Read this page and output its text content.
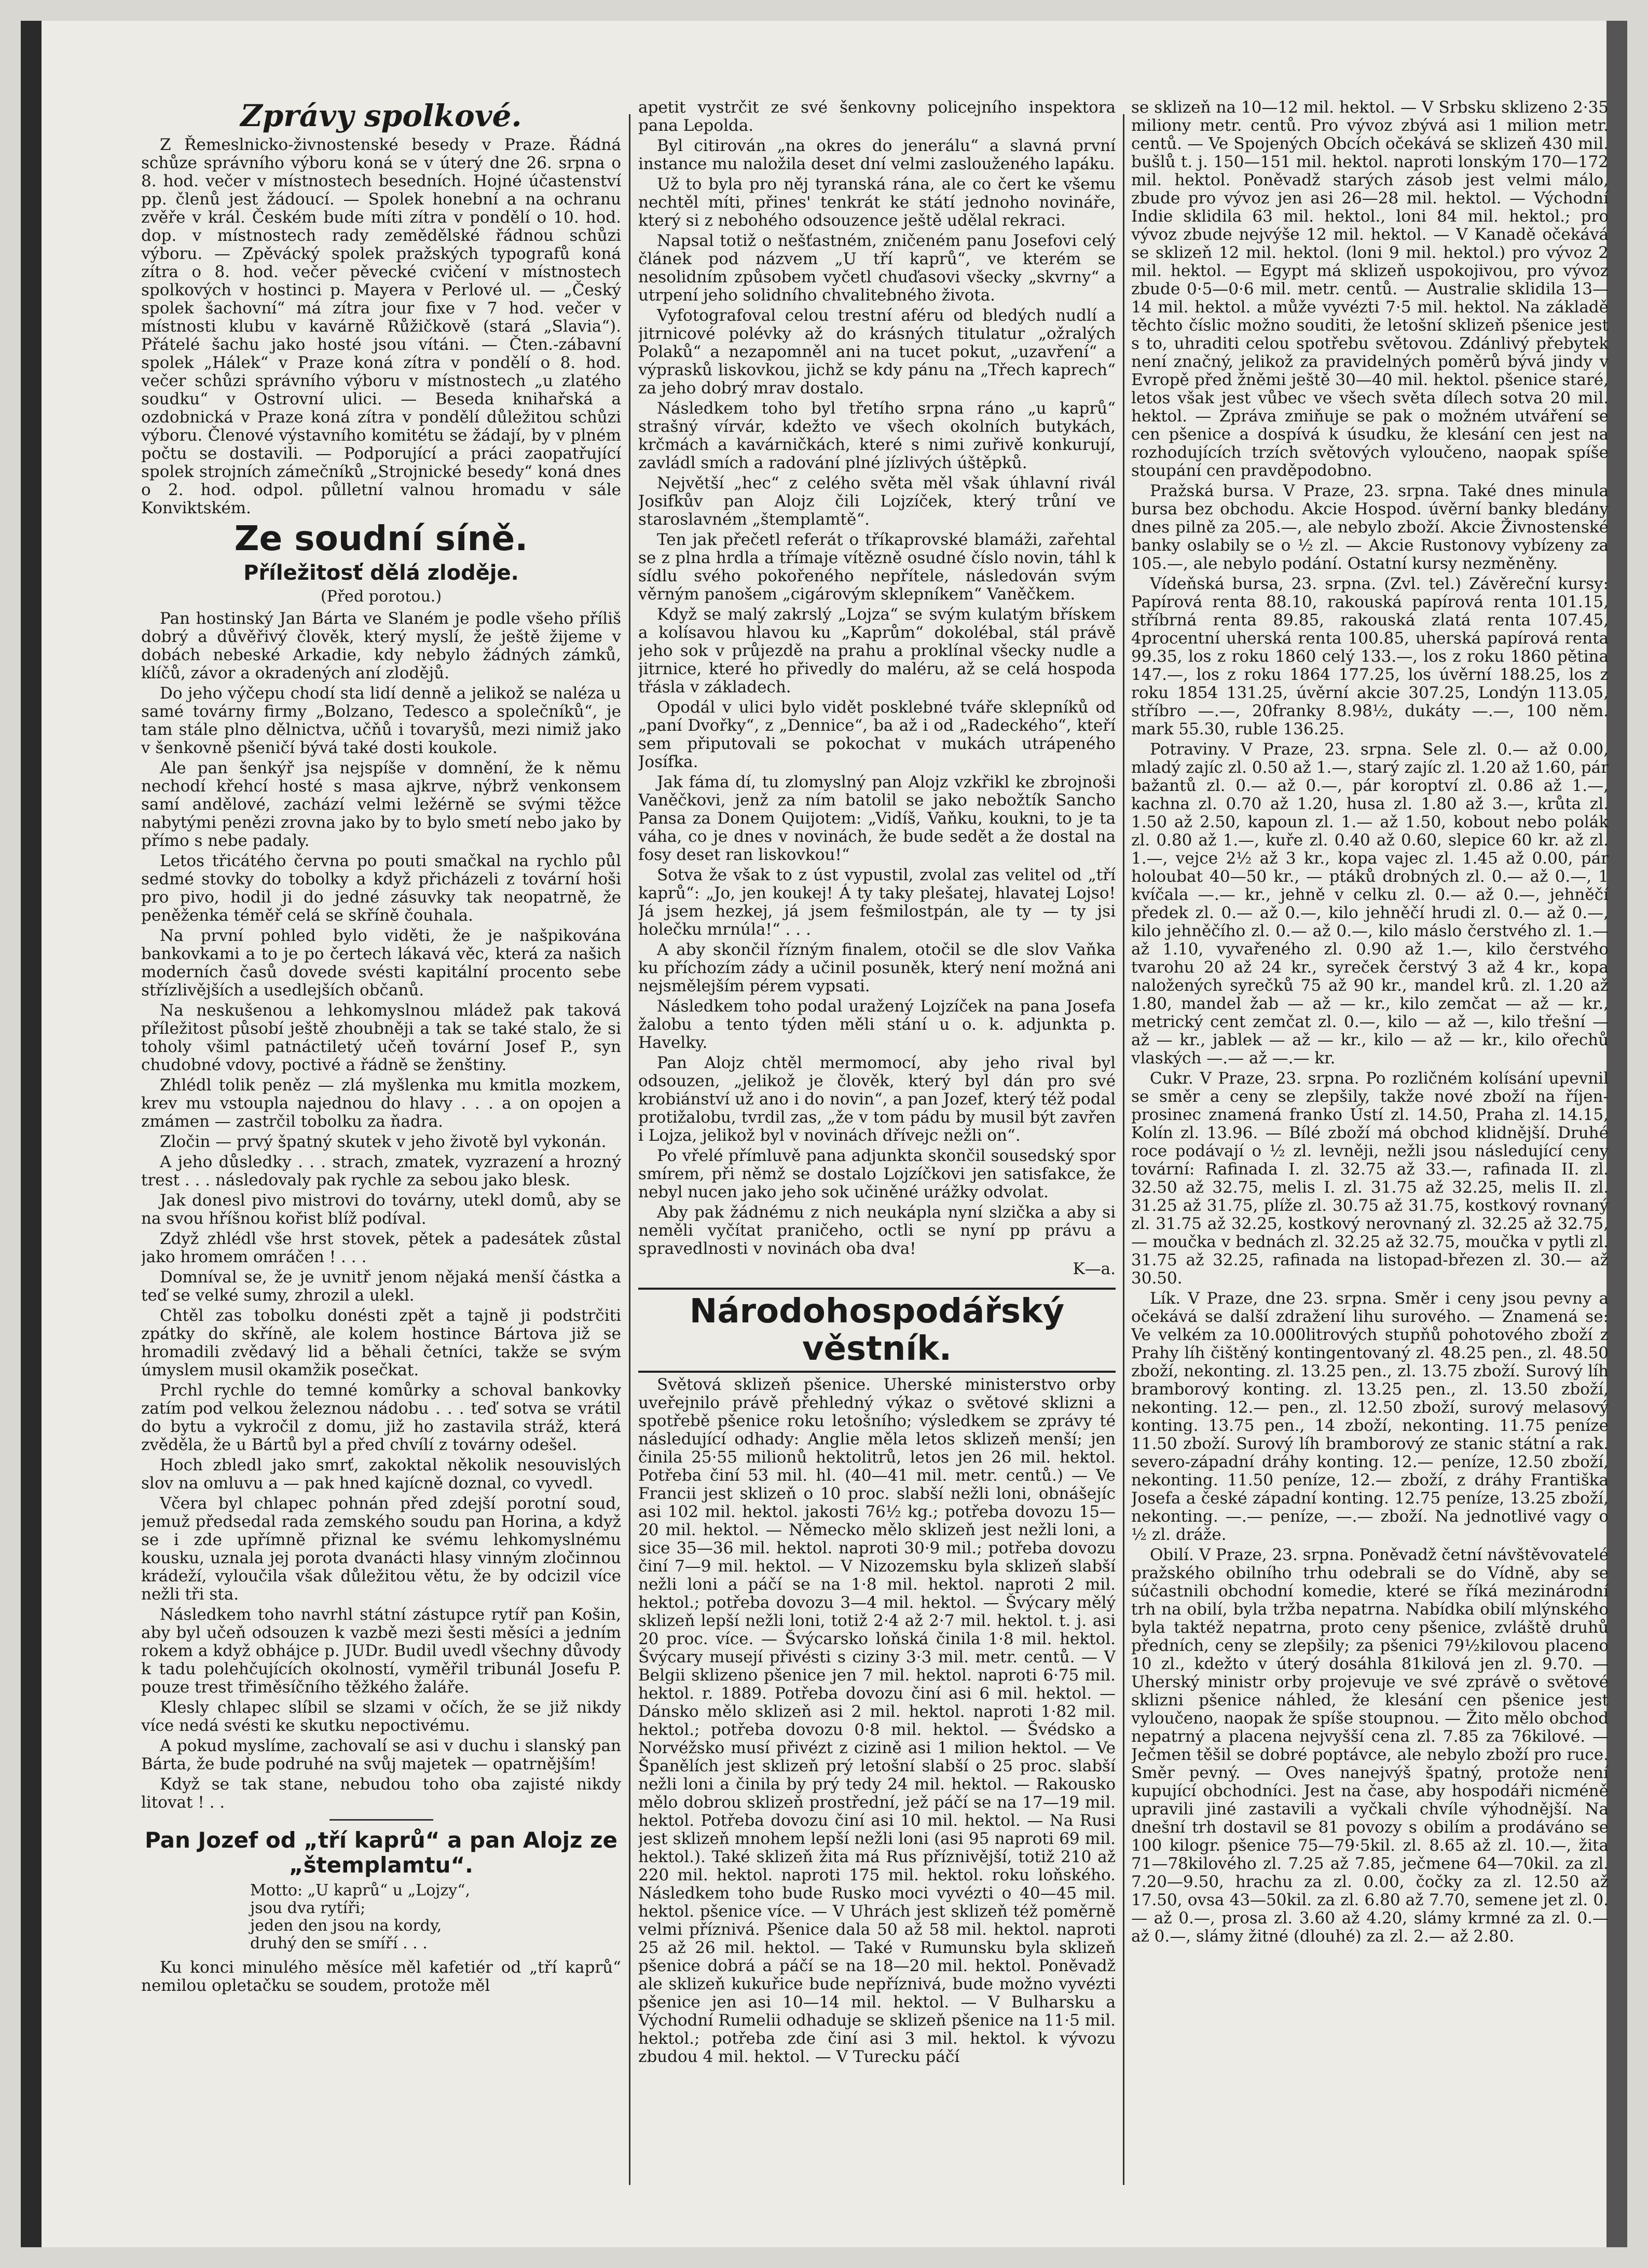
Zprávy spolkové.

Z Řemeslnicko-živnostenské besedy v Praze. Řádná schůze správního výboru koná se v úterý dne 26. srpna o 8. hod. večer v místnostech besedních. Hojné účastenství pp. členů jest žádoucí. — Spolek honební a na ochranu zvěře v král. Českém bude míti zítra v pondělí o 10. hod. dop. v místnostech rady zemědělské řádnou schůzi výboru. — Zpěvácký spolek pražských typografů koná zítra o 8. hod. večer pěvecké cvičení v místnostech spolkových v hostinci p. Mayera v Perlové ul. — „Český spolek šachovní“ má zítra jour fixe v 7 hod. večer v místnosti klubu v kavárně Růžičkově (stará „Slavia“). Přátelé šachu jako hosté jsou vítáni. — Čten.-zábavní spolek „Hálek“ v Praze koná zítra v pondělí o 8. hod. večer schůzi správního výboru v místnostech „u zlatého soudku“ v Ostrovní ulici. — Beseda knihařská a ozdobnická v Praze koná zítra v pondělí důležitou schůzi výboru. Členové výstavního komitétu se žádají, by v plném počtu se dostavili. — Podporující a práci zaopatřující spolek strojních zámečníků „Strojnické besedy“ koná dnes o 2. hod. odpol. půlletní valnou hromadu v sále Konviktském.

Ze soudní síně.
Příležitosť dělá zloděje.
(Před porotou.)

Pan hostinský Jan Bárta ve Slaném je podle všeho příliš dobrý a důvěřivý člověk, který myslí, že ještě žijeme v dobách nebeské Arkadie, kdy nebylo žádných zámků, klíčů, závor a okradených aní zlodějů.

Do jeho výčepu chodí sta lidí denně a jelikož se naléza u samé továrny firmy „Bolzano, Tedesco a společníků“, je tam stále plno dělnictva, učňů i tovaryšů, mezi nimiž jako v šenkovně pšeničí bývá také dosti koukole.

Ale pan šenkýř jsa nejspíše v domnění, že k němu nechodí křehcí hosté s masa ajkrve, nýbrž venkonsem samí andělové, zachází velmi ležérně se svými těžce nabytými penězi zrovna jako by to bylo smetí nebo jako by přímo s nebe padaly.

Letos třicátého června po pouti smačkal na rychlo půl sedmé stovky do tobolky a když přicházeli z tovární hoši pro pivo, hodil ji do jedné zásuvky tak neopatrně, že peněženka téměř celá se skříně čouhala.

Na první pohled bylo viděti, že je našpikována bankovkami a to je po čertech lákavá věc, která za našich moderních časů dovede svésti kapitální procento sebe střízlivějších a usedlejších občanů.

Na neskušenou a lehkomyslnou mládež pak taková příležitost působí ještě zhoubněji a tak se také stalo, že si toholy všiml patnáctiletý učeň tovární Josef P., syn chudobné vdovy, poctivé a řádně se ženštiny.

Zhlédl tolik peněz — zlá myšlenka mu kmitla mozkem, krev mu vstoupla najednou do hlavy . . . a on opojen a zmámen — zastrčil tobolku za ňadra.

Zločin — prvý špatný skutek v jeho životě byl vykonán.

A jeho důsledky . . . strach, zmatek, vyzrazení a hrozný trest . . . následovaly pak rychle za sebou jako blesk.

Jak donesl pivo mistrovi do továrny, utekl domů, aby se na svou hříšnou kořist blíž podíval.

Zdyž zhlédl vše hrst stovek, pětek a padesátek zůstal jako hromem omráčen ! . . .

Domníval se, že je uvnitř jenom nějaká menší částka a teď se velké sumy, zhrozil a ulekl.

Chtěl zas tobolku donésti zpět a tajně ji podstrčiti zpátky do skříně, ale kolem hostince Bártova již se hromadili zvědavý lid a běhali četníci, takže se svým úmyslem musil okamžik posečkat.

Prchl rychle do temné komůrky a schoval bankovky zatím pod velkou železnou nádobu . . . teď sotva se vrátil do bytu a vykročil z domu, již ho zastavila stráž, která zvěděla, že u Bártů byl a před chvílí z továrny odešel.

Hoch zbledl jako smrť, zakoktal několik nesouvislých slov na omluvu a — pak hned kajícně doznal, co vyvedl.

Včera byl chlapec pohnán před zdejší porotní soud, jemuž předsedal rada zemského soudu pan Horina, a když se i zde upřímně přiznal ke svému lehkomyslnému kousku, uznala jej porota dvanácti hlasy vinným zločinnou krádeží, vyloučila však důležitou větu, že by odcizil více nežli tři sta.

Následkem toho navrhl státní zástupce rytíř pan Košin, aby byl učeň odsouzen k vazbě mezi šesti měsíci a jedním rokem a když obhájce p. JUDr. Budil uvedl všechny důvody k tadu polehčujících okolností, vyměřil tribunál Josefu P. pouze trest třiměsíčního těžkého žaláře.

Klesly chlapec slíbil se slzami v očích, že se již nikdy více nedá svésti ke skutku nepoctivému.

A pokud myslíme, zachovalí se asi v duchu i slanský pan Bárta, že bude podruhé na svůj majetek — opatrnějším!

Když se tak stane, nebudou toho oba zajisté nikdy litovat ! . .

Pan Jozef od „tří kaprů“ a pan Alojz ze „štemplamtu“.

Motto: „U kaprů“ u „Lojzy“,
jsou dva rytíři;
jeden den jsou na kordy,
druhý den se smíří . . .

Ku konci minulého měsíce měl kafetiér od „tří kaprů“ nemilou opletačku se soudem, protože měl

apetit vystrčit ze své šenkovny policejního inspektora pana Lepolda.

Byl citirován „na okres do jenerálu“ a slavná první instance mu naložila deset dní velmi zaslouženého lapáku.

Už to byla pro něj tyranská rána, ale co čert ke všemu nechtěl míti, přines' tenkrát ke státí jednoho novináře, který si z nebohého odsouzence ještě udělal rekraci.

Napsal totiž o nešťastném, zničeném panu Josefovi celý článek pod názvem „U tří kaprů“, ve kterém se nesolidním způsobem vyčetl chuďasovi všecky „skvrny“ a utrpení jeho solidního chvalitebného života.

Vyfotografoval celou trestní aféru od bledých nudlí a jitrnicové polévky až do krásných titulatur „ožralých Polaků“ a nezapomněl ani na tucet pokut, „uzavření“ a výprasků liskovkou, jichž se kdy pánu na „Třech kaprech“ za jeho dobrý mrav dostalo.

Následkem toho byl třetího srpna ráno „u kaprů“ strašný vírvár, kdežto ve všech okolních butykách, krčmách a kavárničkách, které s nimi zuřivě konkurují, zavládl smích a radování plné jízlivých úštěpků.

Největší „hec“ z celého světa měl však úhlavní rivál Josifkův pan Alojz čili Lojzíček, který trůní ve staroslavném „štemplamtě“.

Ten jak přečetl referát o tříkaprovské blamáži, zařehtal se z plna hrdla a třímaje vítězně osudné číslo novin, táhl k sídlu svého pokořeného nepřítele, následován svým věrným panošem „cigárovým sklepníkem“ Vaněčkem.

Když se malý zakrslý „Lojza“ se svým kulatým břískem a kolísavou hlavou ku „Kaprům“ dokolébal, stál právě jeho sok v průjezdě na prahu a proklínal všecky nudle a jitrnice, které ho přivedly do maléru, až se celá hospoda třásla v základech.

Opodál v ulici bylo vidět posklebné tváře sklepníků od „paní Dvořky“, z „Dennice“, ba až i od „Radeckého“, kteří sem připutovali se pokochat v mukách utrápeného Josífka.

Jak fáma dí, tu zlomyslný pan Alojz vzkřikl ke zbrojnoši Vaněčkovi, jenž za ním batolil se jako nebožtík Sancho Pansa za Donem Quijotem: „Vidíš, Vaňku, koukni, to je ta váha, co je dnes v novinách, že bude sedět a že dostal na fosy deset ran liskovkou!“

Sotva že však to z úst vypustil, zvolal zas velitel od „tří kaprů“: „Jo, jen koukej! Á ty taky plešatej, hlavatej Lojso! Já jsem hezkej, já jsem fešmilostpán, ale ty — ty jsi holečku mrnúla!“ . . .

A aby skončil řízným finalem, otočil se dle slov Vaňka ku příchozím zády a učinil posuněk, který není možná ani nejsmělejším pérem vypsati.

Následkem toho podal uražený Lojzíček na pana Josefa žalobu a tento týden měli stání u o. k. adjunkta p. Havelky.

Pan Alojz chtěl mermomocí, aby jeho rival byl odsouzen, „jelikož je člověk, který byl dán pro své krobiánství už ano i do novin“, a pan Jozef, který též podal protižalobu, tvrdil zas, „že v tom pádu by musil být zavřen i Lojza, jelikož byl v novinách dřívejc nežli on“.

Po vřelé přímluvě pana adjunkta skončil sousedský spor smírem, při němž se dostalo Lojzíčkovi jen satisfakce, že nebyl nucen jako jeho sok učiněné urážky odvolat.

Aby pak žádnému z nich neukápla nyní slzička a aby si neměli vyčítat praničeho, octli se nyní pp právu a spravedlnosti v novinách oba dva!

K—a.

Národohospodářský věstník.

Světová sklizeň pšenice. Uherské ministerstvo orby uveřejnilo právě přehledný výkaz o světové sklizni a spotřebě pšenice roku letošního; výsledkem se zprávy té následující odhady: Anglie měla letos sklizeň menší; jen činila 25·55 milionů hektolitrů, letos jen 26 mil. hektol. Potřeba činí 53 mil. hl. (40—41 mil. metr. centů.) — Ve Francii jest sklizeň o 10 proc. slabší nežli loni, obnášejíc asi 102 mil. hektol. jakosti 76½ kg.; potřeba dovozu 15—20 mil. hektol. — Německo mělo sklizeň jest nežli loni, a sice 35—36 mil. hektol. naproti 30·9 mil.; potřeba dovozu činí 7—9 mil. hektol. — V Nizozemsku byla sklizeň slabší nežli loni a páčí se na 1·8 mil. hektol. naproti 2 mil. hektol.; potřeba dovozu 3—4 mil. hektol. — Švýcary mělý sklizeň lepší nežli loni, totiž 2·4 až 2·7 mil. hektol. t. j. asi 20 proc. více. — Švýcarsko loňská činila 1·8 mil. hektol. Švýcary musejí přivésti s ciziny 3·3 mil. metr. centů. — V Belgii sklizeno pšenice jen 7 mil. hektol. naproti 6·75 mil. hektol. r. 1889. Potřeba dovozu činí asi 6 mil. hektol. — Dánsko mělo sklizeň asi 2 mil. hektol. naproti 1·82 mil. hektol.; potřeba dovozu 0·8 mil. hektol. — Švédsko a Norvéžsko musí přivézt z cizině asi 1 milion hektol. — Ve Španělích jest sklizeň prý letošní slabší o 25 proc. slabší nežli loni a činila by prý tedy 24 mil. hektol. — Rakousko mělo dobrou sklizeň prostřední, jež páčí se na 17—19 mil. hektol. Potřeba dovozu činí asi 10 mil. hektol. — Na Rusi jest sklizeň mnohem lepší nežli loni (asi 95 naproti 69 mil. hektol.). Také sklizeň žita má Rus příznivější, totiž 210 až 220 mil. hektol. naproti 175 mil. hektol. roku loňského. Následkem toho bude Rusko moci vyvézti o 40—45 mil. hektol. pšenice více. — V Uhrách jest sklizeň též poměrně velmi příznivá. Pšenice dala 50 až 58 mil. hektol. naproti 25 až 26 mil. hektol. — Také v Rumunsku byla sklizeň pšenice dobrá a páčí se na 18—20 mil. hektol. Poněvadž ale sklizeň kukuřice bude nepříznivá, bude možno vyvézti pšenice jen asi 10—14 mil. hektol. — V Bulharsku a Východní Rumelii odhaduje se sklizeň pšenice na 11·5 mil. hektol.; potřeba zde činí asi 3 mil. hektol. k vývozu zbudou 4 mil. hektol. — V Turecku páčí

se sklizeň na 10—12 mil. hektol. — V Srbsku sklizeno 2·35 miliony metr. centů. Pro vývoz zbývá asi 1 milion metr. centů. — Ve Spojených Obcích očekává se sklizeň 430 mil. bušlů t. j. 150—151 mil. hektol. naproti lonským 170—172 mil. hektol. Poněvadž starých zásob jest velmi málo, zbude pro vývoz jen asi 26—28 mil. hektol. — Východní Indie sklidila 63 mil. hektol., loni 84 mil. hektol.; pro vývoz zbude nejvýše 12 mil. hektol. — V Kanadě očekává se sklizeň 12 mil. hektol. (loni 9 mil. hektol.) pro vývoz 2 mil. hektol. — Egypt má sklizeň uspokojivou, pro vývoz zbude 0·5—0·6 mil. metr. centů. — Australie sklidila 13—14 mil. hektol. a může vyvézti 7·5 mil. hektol. Na základě těchto číslic možno souditi, že letošní sklizeň pšenice jest s to, uhraditi celou spotřebu světovou. Zdánlivý přebytek není značný, jelikož za pravidelných poměrů bývá jindy v Evropě před žněmi ještě 30—40 mil. hektol. pšenice staré, letos však jest vůbec ve všech světa dílech sotva 20 mil. hektol. — Zpráva zmiňuje se pak o možném utváření se cen pšenice a dospívá k úsudku, že klesání cen jest na rozhodujících trzích světových vyloučeno, naopak spíše stoupání cen pravděpodobno.

Pražská bursa. V Praze, 23. srpna. Také dnes minula bursa bez obchodu. Akcie Hospod. úvěrní banky bledány dnes pilně za 205.—, ale nebylo zboží. Akcie Živnostenské banky oslabily se o ½ zl. — Akcie Rustonovy vybízeny za 105.—, ale nebylo podání. Ostatní kursy nezměněny.

Vídeňská bursa, 23. srpna. (Zvl. tel.) Závěreční kursy: Papírová renta 88.10, rakouská papírová renta 101.15, stříbrná renta 89.85, rakouská zlatá renta 107.45, 4procentní uherská renta 100.85, uherská papírová renta 99.35, los z roku 1860 celý 133.—, los z roku 1860 pětina 147.—, los z roku 1864 177.25, los úvěrní 188.25, los z roku 1854 131.25, úvěrní akcie 307.25, Londýn 113.05, stříbro —.—, 20franky 8.98½, dukáty —.—, 100 něm. mark 55.30, ruble 136.25.

Potraviny. V Praze, 23. srpna. Sele zl. 0.— až 0.00, mladý zajíc zl. 0.50 až 1.—, starý zajíc zl. 1.20 až 1.60, pár bažantů zl. 0.— až 0.—, pár koroptví zl. 0.86 až 1.—, kachna zl. 0.70 až 1.20, husa zl. 1.80 až 3.—, krůta zl. 1.50 až 2.50, kapoun zl. 1.— až 1.50, kobout nebo polák zl. 0.80 až 1.—, kuře zl. 0.40 až 0.60, slepice 60 kr. až zl. 1.—, vejce 2½ až 3 kr., kopa vajec zl. 1.45 až 0.00, pár holoubat 40—50 kr., — ptáků drobných zl. 0.— až 0.—, 1 kvíčala —.— kr., jehně v celku zl. 0.— až 0.—, jehněčí předek zl. 0.— až 0.—, kilo jehněčí hrudi zl. 0.— až 0.—, kilo jehněčího zl. 0.— až 0.—, kilo máslo čerstvého zl. 1.— až 1.10, vyvařeného zl. 0.90 až 1.—, kilo čerstvého tvarohu 20 až 24 kr., syreček čerstvý 3 až 4 kr., kopa naložených syrečků 75 až 90 kr., mandel krů. zl. 1.20 až 1.80, mandel žab — až — kr., kilo zemčat — až — kr., metrický cent zemčat zl. 0.—, kilo — až —, kilo třešní — až — kr., jablek — až — kr., kilo — až — kr., kilo ořechů vlaských —.— až —.— kr.

Cukr. V Praze, 23. srpna. Po rozličném kolísání upevnil se směr a ceny se zlepšily, takže nové zboží na říjen-prosinec znamená franko Ústí zl. 14.50, Praha zl. 14.15, Kolín zl. 13.96. — Bílé zboží má obchod klidnější. Druhé roce podávají o ½ zl. levněji, nežli jsou následující ceny tovární: Rafinada I. zl. 32.75 až 33.—, rafinada II. zl. 32.50 až 32.75, melis I. zl. 31.75 až 32.25, melis II. zl. 31.25 až 31.75, plíže zl. 30.75 až 31.75, kostkový rovnaný zl. 31.75 až 32.25, kostkový nerovnaný zl. 32.25 až 32.75, — moučka v bednách zl. 32.25 až 32.75, moučka v pytli zl. 31.75 až 32.25, rafinada na listopad-březen zl. 30.— až 30.50.

Lík. V Praze, dne 23. srpna. Směr i ceny jsou pevny a očekává se další zdražení lihu surového. — Znamená se: Ve velkém za 10.000litrových stupňů pohotového zboží z Prahy líh čištěný kontingentovaný zl. 48.25 pen., zl. 48.50 zboží, nekonting. zl. 13.25 pen., zl. 13.75 zboží. Surový líh bramborový konting. zl. 13.25 pen., zl. 13.50 zboží, nekonting. 12.— pen., zl. 12.50 zboží, surový melasový konting. 13.75 pen., 14 zboží, nekonting. 11.75 peníze 11.50 zboží. Surový líh bramborový ze stanic státní a rak. severo-západní dráhy konting. 12.— peníze, 12.50 zboží, nekonting. 11.50 peníze, 12.— zboží, z dráhy Františka Josefa a české západní konting. 12.75 peníze, 13.25 zboží, nekonting. —.— peníze, —.— zboží. Na jednotlivé vagy o ½ zl. dráže.

Obilí. V Praze, 23. srpna. Poněvadž četní návštěvovatelé pražského obilního trhu odebrali se do Vídně, aby se súčastnili obchodní komedie, které se říká mezinárodní trh na obilí, byla tržba nepatrna. Nabídka obilí mlýnského byla taktéž nepatrna, proto ceny pšenice, zvláště druhů předních, ceny se zlepšily; za pšenici 79½kilovou placeno 10 zl., kdežto v úterý dosáhla 81kilová jen zl. 9.70. — Uherský ministr orby projevuje ve své zprávě o světové sklizni pšenice náhled, že klesání cen pšenice jest vyloučeno, naopak že spíše stoupnou. — Žito mělo obchod nepatrný a placena nejvyšší cena zl. 7.85 za 76kilové. — Ječmen těšil se dobré poptávce, ale nebylo zboží pro ruce. Směr pevný. — Oves nanejvýš špatný, protože není kupující obchodníci. Jest na čase, aby hospodáři nicméně upravili jiné zastavili a vyčkali chvíle výhodnější. Na dnešní trh dostavil se 81 povozy s obilím a prodáváno se 100 kilogr. pšenice 75—79·5kil. zl. 8.65 až zl. 10.—, žita 71—78kilového zl. 7.25 až 7.85, ječmene 64—70kil. za zl. 7.20—9.50, hrachu za zl. 0.00, čočky za zl. 12.50 až 17.50, ovsa 43—50kil. za zl. 6.80 až 7.70, semene jet zl. 0.— až 0.—, prosa zl. 3.60 až 4.20, slámy krmné za zl. 0.— až 0.—, slámy žitné (dlouhé) za zl. 2.— až 2.80.
